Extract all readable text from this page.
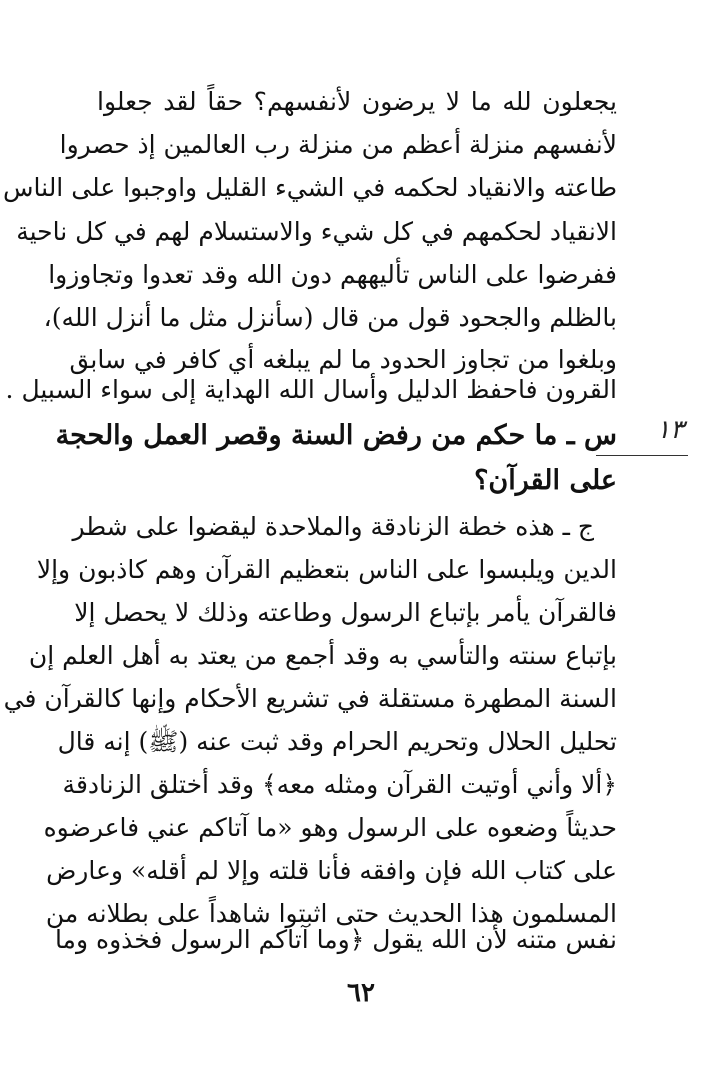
يجعلون لله ما لا يرضون لأنفسهم؟ حقاً لقد جعلوا
لأنفسهم منزلة أعظم من منزلة رب العالمين إذ حصروا
طاعته والانقياد لحكمه في الشيء القليل واوجبوا على الناس
الانقياد لحكمهم في كل شيء والاستسلام لهم في كل ناحية
ففرضوا على الناس تأليههم دون الله وقد تعدوا وتجاوزوا
بالظلم والجحود قول من قال (سأنزل مثل ما أنزل الله)،
وبلغوا من تجاوز الحدود ما لم يبلغه أي كافر في سابق
القرون فاحفظ الدليل وأسال الله الهداية إلى سواء السبيل .
١٣
س ـ ما حكم من رفض السنة وقصر العمل والحجة
على القرآن؟
ج ـ هذه خطة الزنادقة والملاحدة ليقضوا على شطر
الدين ويلبسوا على الناس بتعظيم القرآن وهم كاذبون وإلا
فالقرآن يأمر بإتباع الرسول وطاعته وذلك لا يحصل إلا
بإتباع سنته والتأسي به وقد أجمع من يعتد به أهل العلم إن
السنة المطهرة مستقلة في تشريع الأحكام وإنها كالقرآن في
تحليل الحلال وتحريم الحرام وقد ثبت عنه (ﷺ) إنه قال
﴿ألا وأني أوتيت القرآن ومثله معه﴾ وقد أختلق الزنادقة
حديثاً وضعوه على الرسول وهو «ما آتاكم عني فاعرضوه
على كتاب الله فإن وافقه فأنا قلته وإلا لم أقله» وعارض
المسلمون هذا الحديث حتى اثبتوا شاهداً على بطلانه من
نفس متنه لأن الله يقول ﴿وما آتاكم الرسول فخذوه وما
٦٢
